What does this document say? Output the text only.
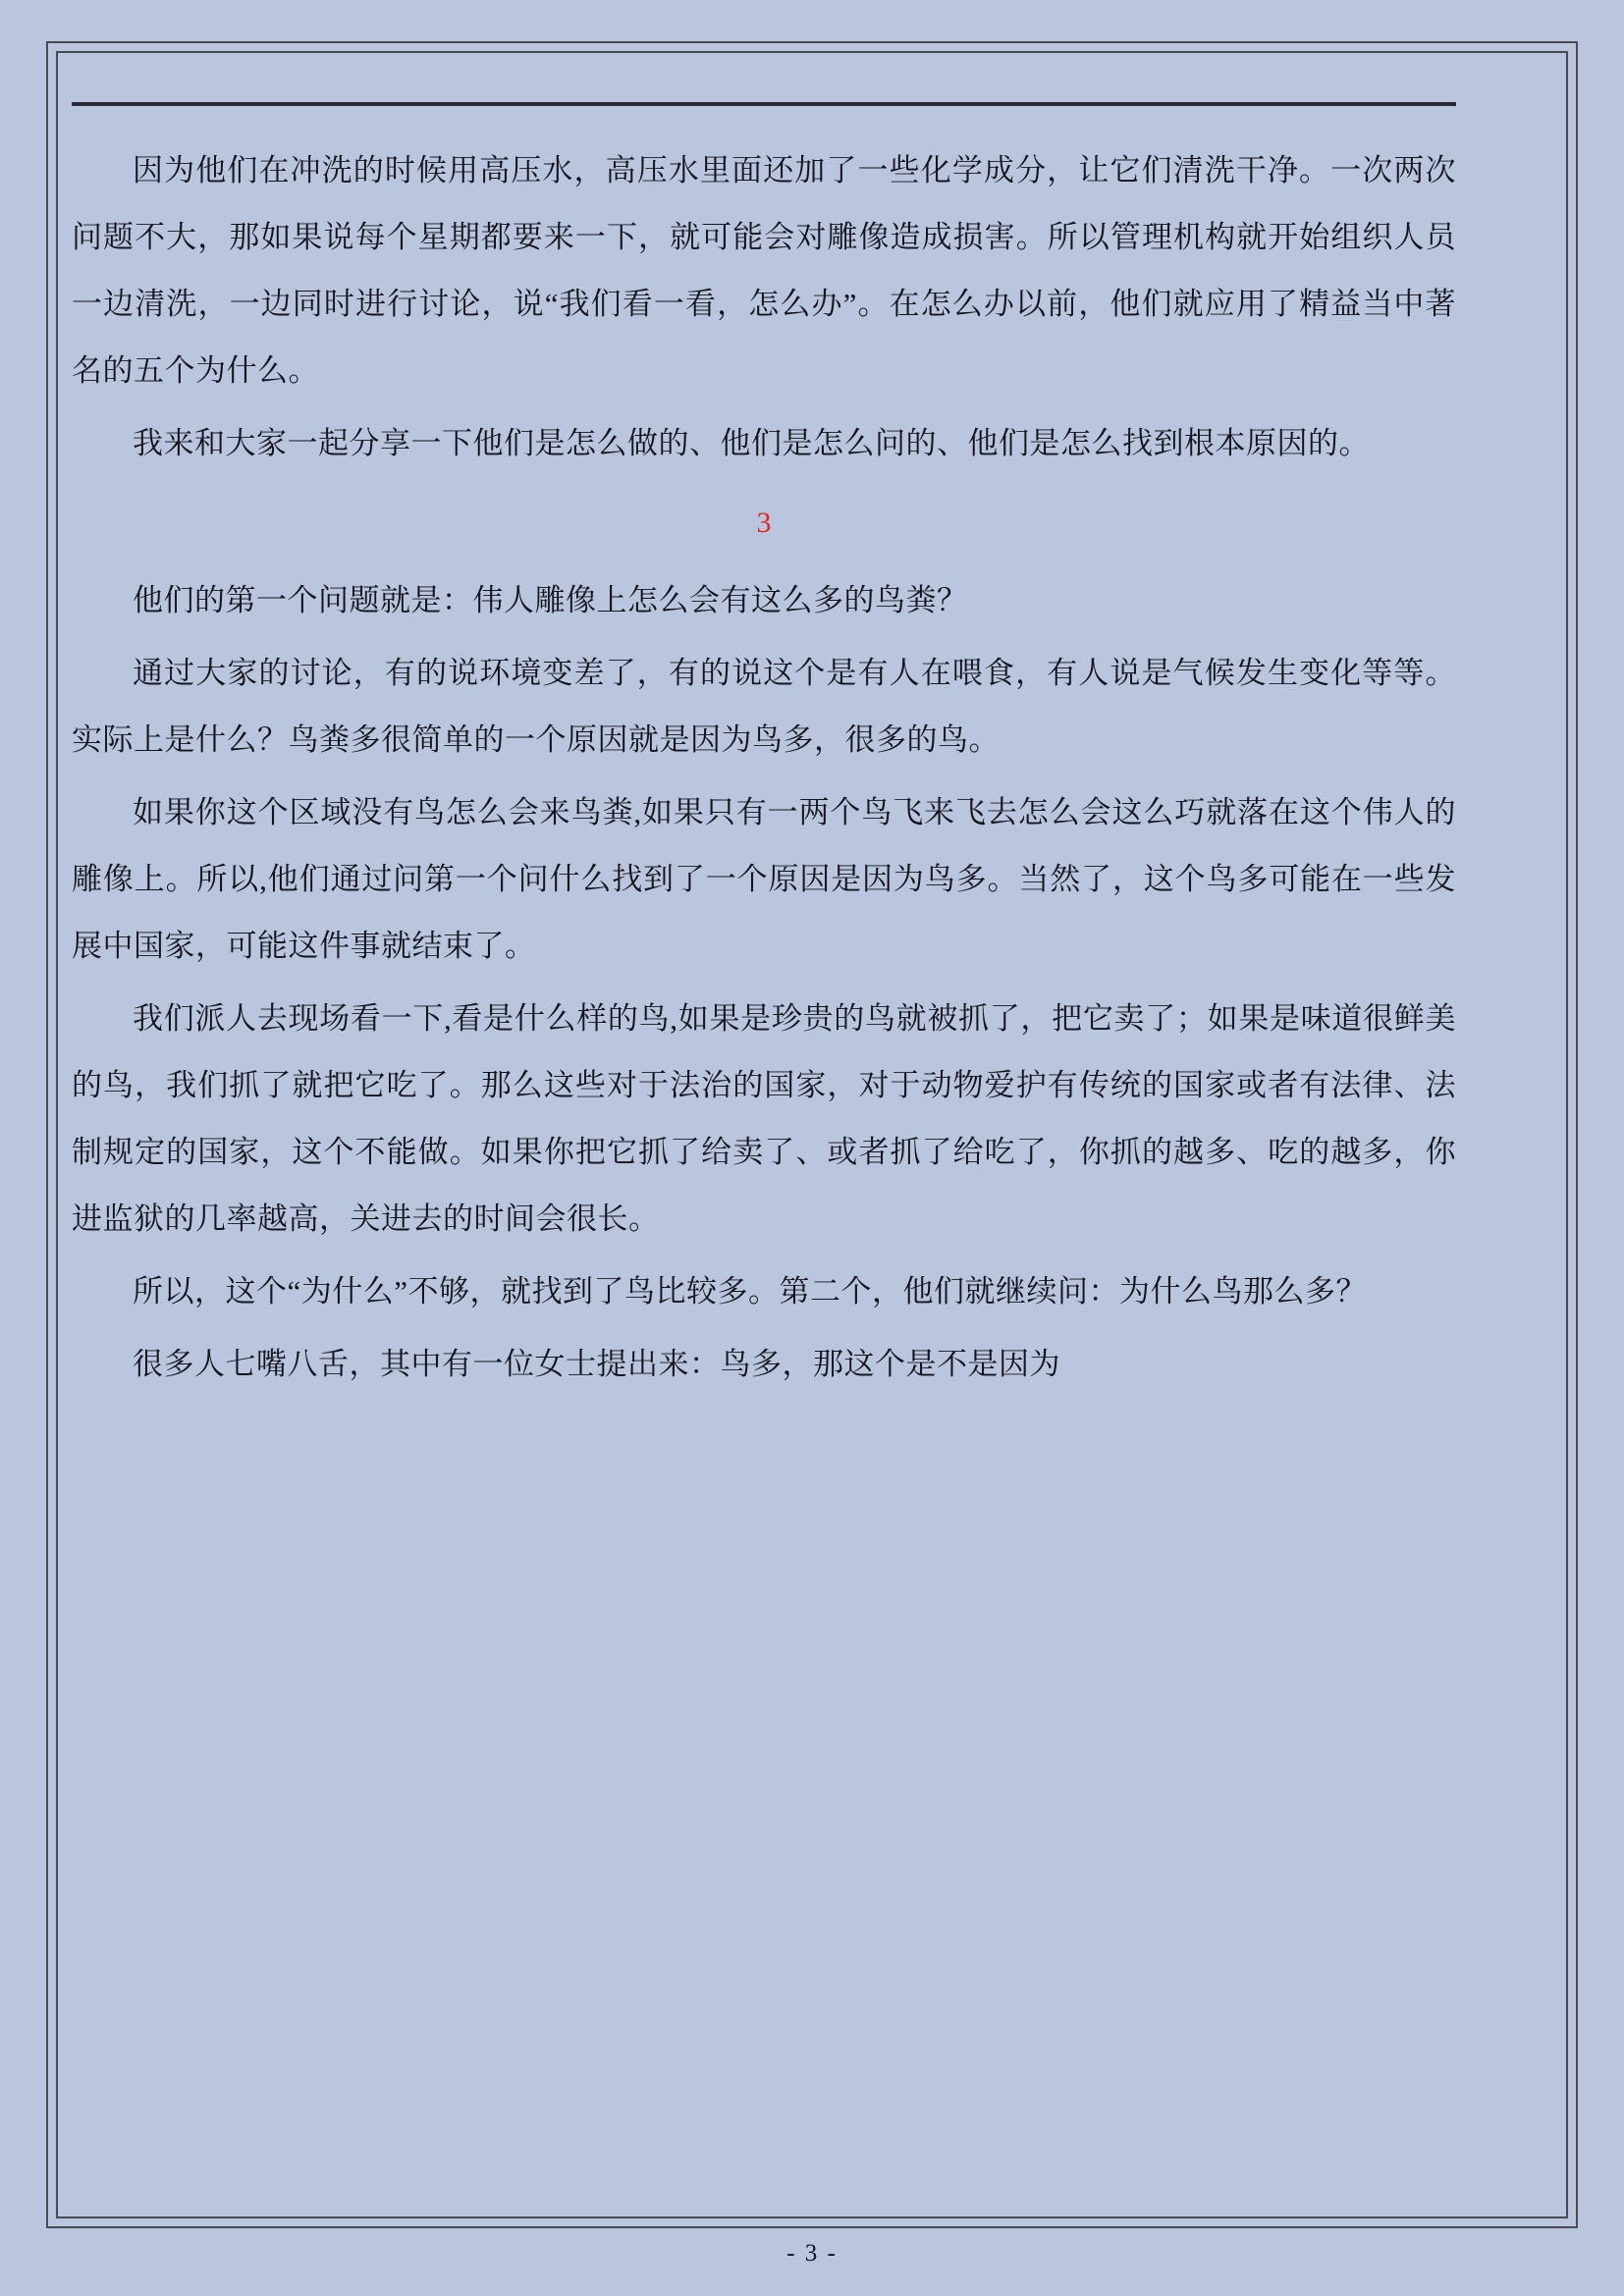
因为他们在冲洗的时候用高压水，高压水里面还加了一些化学成分，让它们清洗干净。一次两次问题不大，那如果说每个星期都要来一下，就可能会对雕像造成损害。所以管理机构就开始组织人员一边清洗，一边同时进行讨论，说“我们看一看，怎么办”。在怎么办以前，他们就应用了精益当中著名的五个为什么。

我来和大家一起分享一下他们是怎么做的、他们是怎么问的、他们是怎么找到根本原因的。

3

他们的第一个问题就是：伟人雕像上怎么会有这么多的鸟粪？

通过大家的讨论，有的说环境变差了，有的说这个是有人在喂食，有人说是气候发生变化等等。实际上是什么？鸟粪多很简单的一个原因就是因为鸟多，很多的鸟。

如果你这个区域没有鸟怎么会来鸟粪,如果只有一两个鸟飞来飞去怎么会这么巧就落在这个伟人的雕像上。所以,他们通过问第一个问什么找到了一个原因是因为鸟多。当然了，这个鸟多可能在一些发展中国家，可能这件事就结束了。

我们派人去现场看一下,看是什么样的鸟,如果是珍贵的鸟就被抓了，把它卖了；如果是味道很鲜美的鸟，我们抓了就把它吃了。那么这些对于法治的国家，对于动物爱护有传统的国家或者有法律、法制规定的国家，这个不能做。如果你把它抓了给卖了、或者抓了给吃了，你抓的越多、吃的越多，你进监狱的几率越高，关进去的时间会很长。

所以，这个“为什么”不够，就找到了鸟比较多。第二个，他们就继续问：为什么鸟那么多？

很多人七嘴八舌，其中有一位女士提出来：鸟多，那这个是不是因为

- 3 -
